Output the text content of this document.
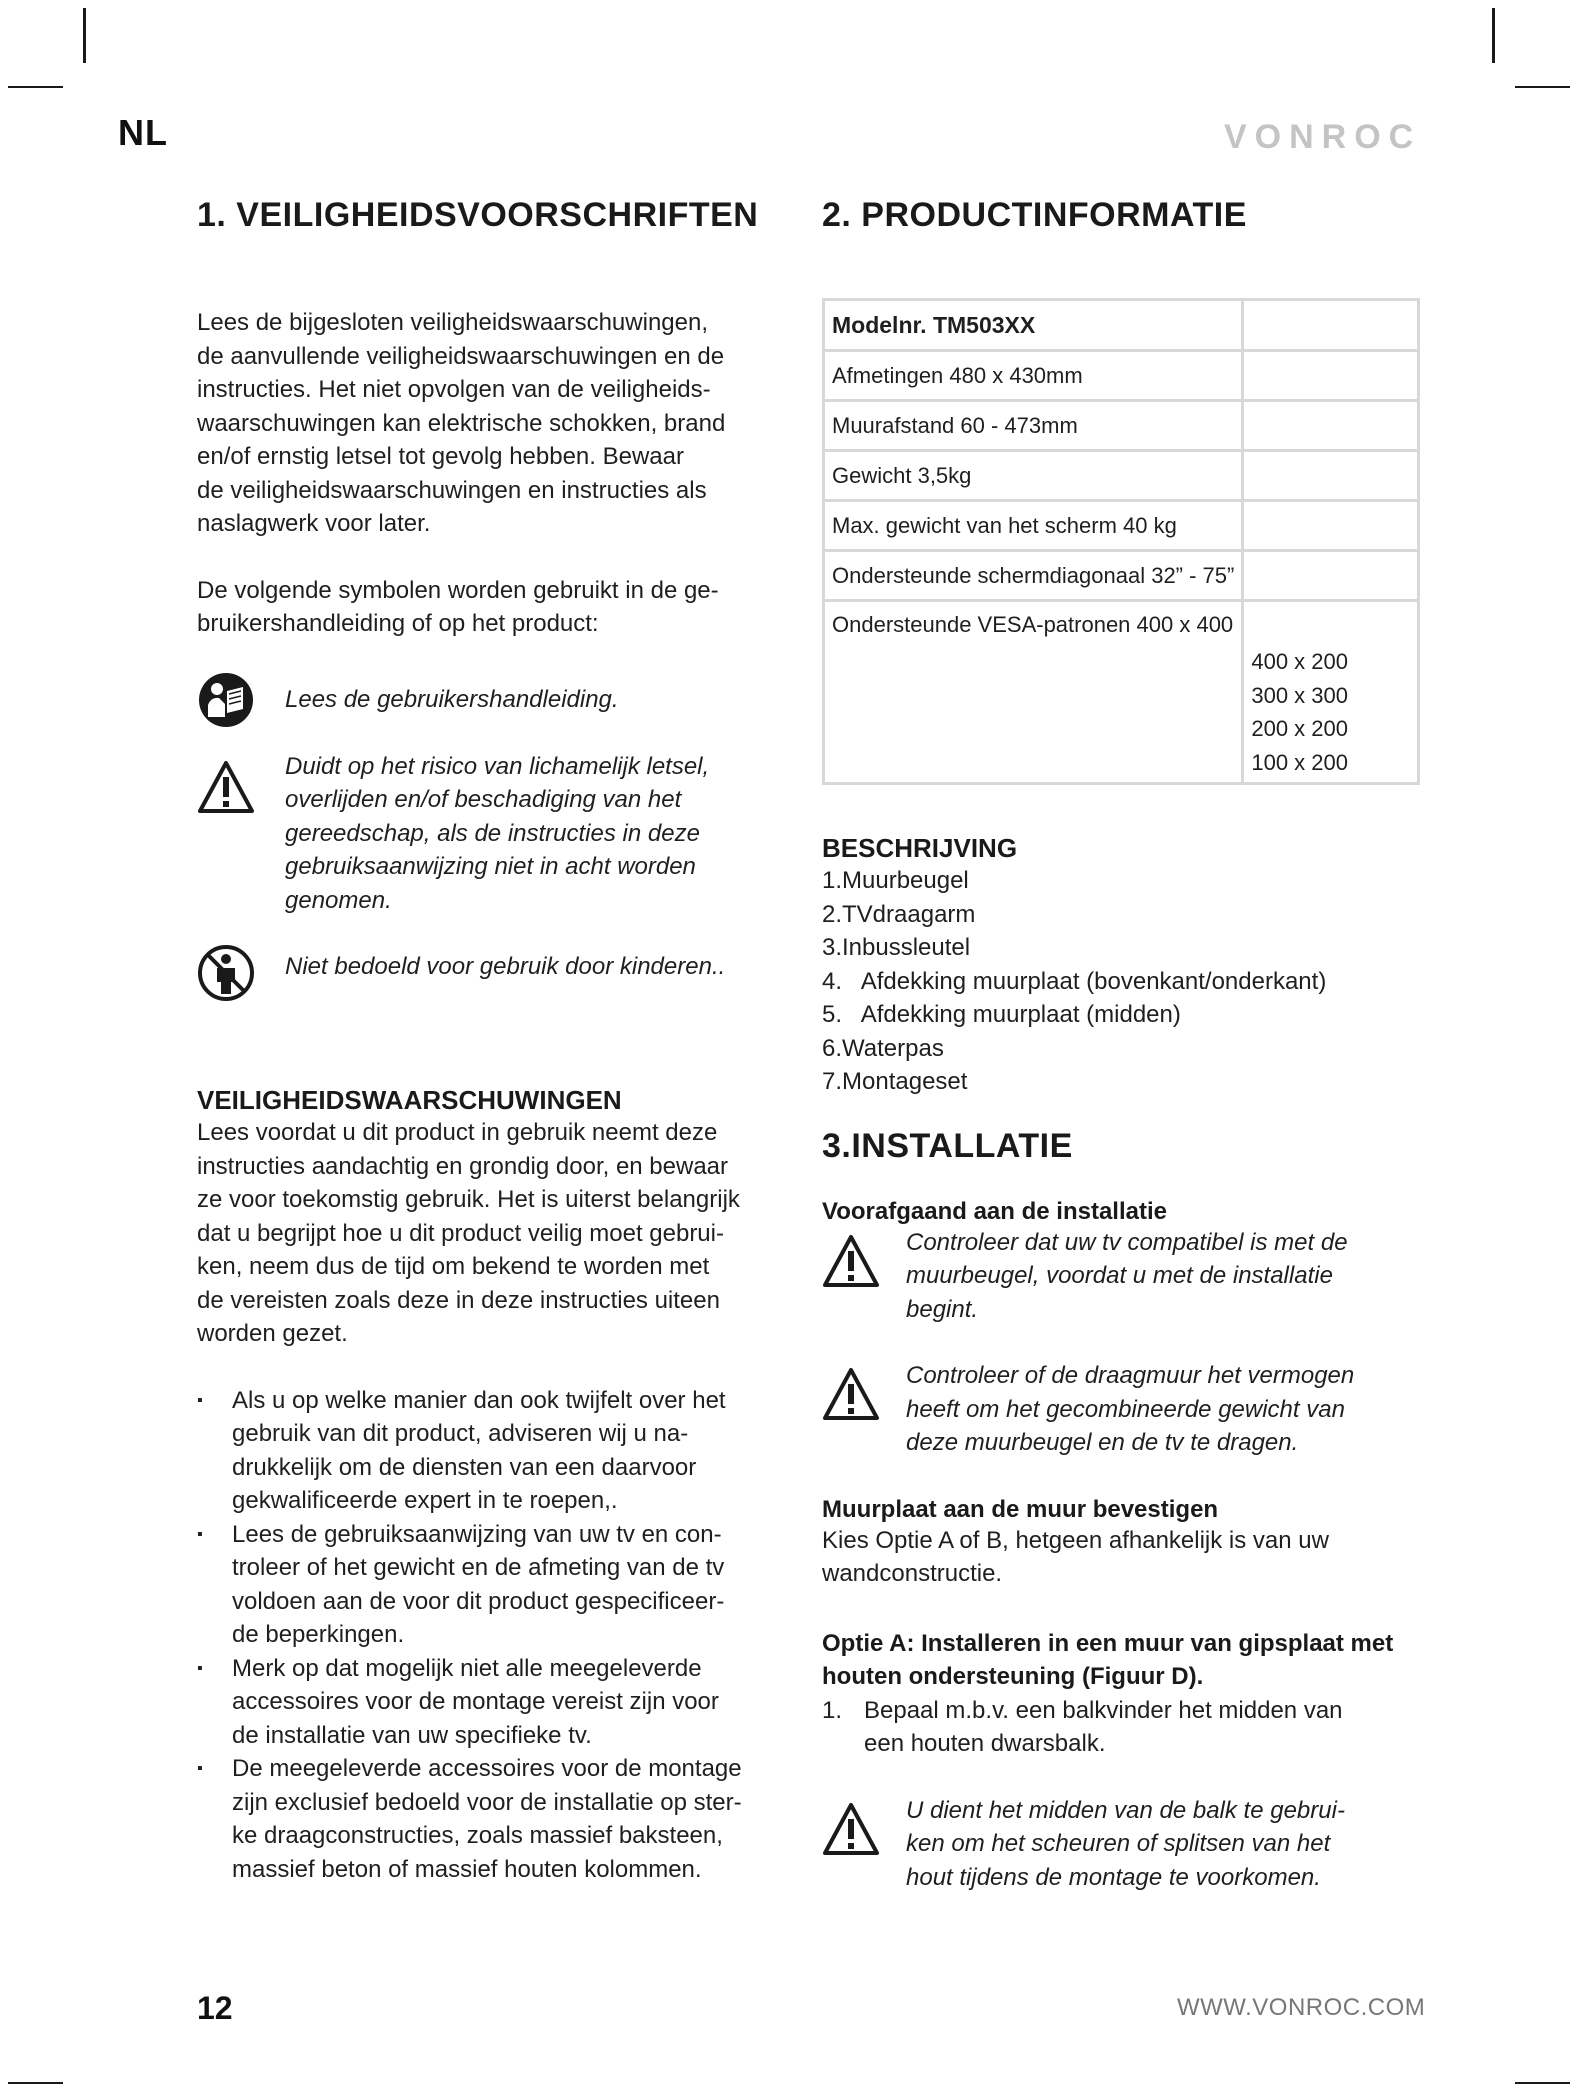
NL	VONROC
1. VEILIGHEIDSVOORSCHRIFTEN

Lees de bijgesloten veiligheidswaarschuwingen,

de aanvullende veiligheidswaarschuwingen en de

instructies. Het niet opvolgen van de veiligheids-

waarschuwingen kan elektrische schokken, brand

en/of ernstig letsel tot gevolg hebben. Bewaar

de veiligheidswaarschuwingen en instructies als

naslagwerk voor later.

De volgende symbolen worden gebruikt in de ge-

bruikershandleiding of op het product:

Lees de gebruikershandleiding.

Duidt op het risico van lichamelijk letsel,

overlijden en/of beschadiging van het

gereedschap, als de instructies in deze

gebruiksaanwijzing niet in acht worden

genomen.

Niet bedoeld voor gebruik door kinderen..

VEILIGHEIDSWAARSCHUWINGEN

Lees voordat u dit product in gebruik neemt deze

instructies aandachtig en grondig door, en bewaar

ze voor toekomstig gebruik. Het is uiterst belangrijk

dat u begrijpt hoe u dit product veilig moet gebrui-

ken, neem dus de tijd om bekend te worden met

de vereisten zoals deze in deze instructies uiteen

worden gezet.

▪ Als u op welke manier dan ook twijfelt over het

gebruik van dit product, adviseren wij u na-

drukkelijk om de diensten van een daarvoor

gekwalificeerde expert in te roepen,.

▪ Lees de gebruiksaanwijzing van uw tv en con-

troleer of het gewicht en de afmeting van de tv

voldoen aan de voor dit product gespecificeer-

de beperkingen.

▪ Merk op dat mogelijk niet alle meegeleverde

accessoires voor de montage vereist zijn voor

de installatie van uw specifieke tv.

▪ De meegeleverde accessoires voor de montage

zijn exclusief bedoeld voor de installatie op ster-

ke draagconstructies, zoals massief baksteen,

massief beton of massief houten kolommen.

2. PRODUCTINFORMATIE
Modelnr. TM503XX	
Afmetingen 480 x 430mm	
Muurafstand 60 - 473mm	
Gewicht 3,5kg	
Max. gewicht van het scherm 40 kg	
Ondersteunde schermdiagonaal 32” - 75”	
Ondersteunde VESA-patronen 400 x 400	400 x 200
300 x 300
200 x 200
100 x 200
BESCHRIJVING
1.Muurbeugel
2.TVdraagarm
3.Inbussleutel
4.   Afdekking muurplaat (bovenkant/onderkant)
5.   Afdekking muurplaat (midden)
6.Waterpas
7.Montageset
3.INSTALLATIE
Voorafgaand aan de installatie

Controleer dat uw tv compatibel is met de

muurbeugel, voordat u met de installatie

begint.

Controleer of de draagmuur het vermogen

heeft om het gecombineerde gewicht van

deze muurbeugel en de tv te dragen.

Muurplaat aan de muur bevestigen

Kies Optie A of B, hetgeen afhankelijk is van uw

wandconstructie.

Optie A: Installeren in een muur van gipsplaat met
houten ondersteuning (Figuur D).
1. Bepaal m.b.v. een balkvinder het midden van

een houten dwarsbalk.

U dient het midden van de balk te gebrui-

ken om het scheuren of splitsen van het

hout tijdens de montage te voorkomen.

12	WWW.VONROC.COM
